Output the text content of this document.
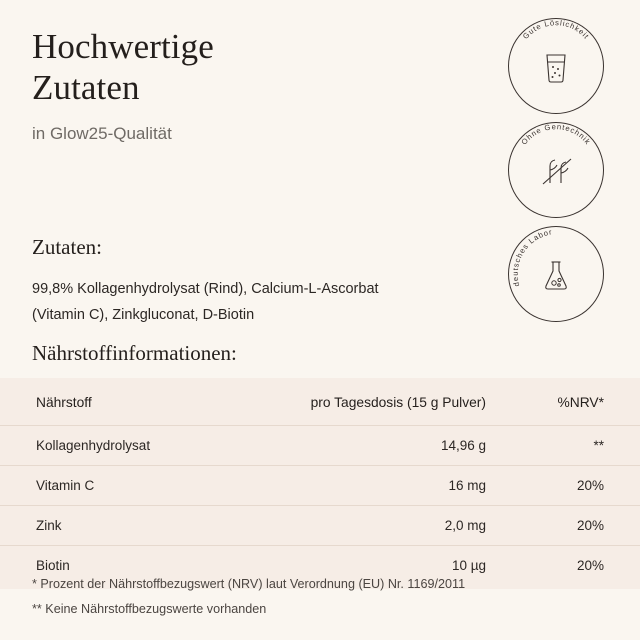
Hochwertige
Zutaten
in Glow25-Qualität
Gute Löslichkeit
Ohne Gentechnik
Durch deutsches Labor geprüft
Zutaten:
99,8% Kollagenhydrolysat (Rind), Calcium-L-Ascorbat (Vitamin C), Zinkgluconat, D-Biotin
Nährstoffinformationen:
Nährstoff	pro Tagesdosis (15 g Pulver)	%NRV*
Kollagenhydrolysat	14,96 g	**
Vitamin C	16 mg	20%
Zink	2,0 mg	20%
Biotin	10 µg	20%
* Prozent der Nährstoffbezugswert (NRV) laut Verordnung (EU) Nr. 1169/2011
** Keine Nährstoffbezugswerte vorhanden
